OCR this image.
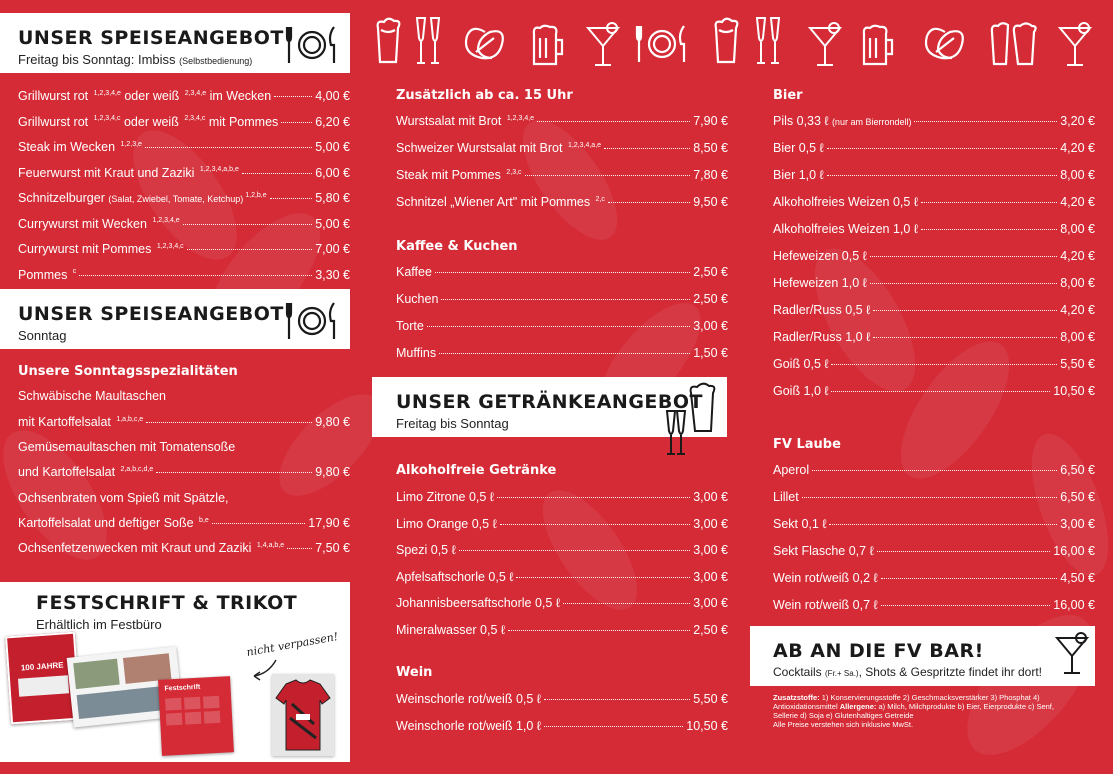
UNSER SPEISEANGEBOT
Freitag bis Sonntag: Imbiss (Selbstbedienung)
Grillwurst rot $^{1,2,3,4,e}$ oder weiß $^{2,3,4,e}$ im Wecken	4,00 €
Grillwurst rot $^{1,2,3,4,c}$ oder weiß $^{2,3,4,c}$ mit Pommes	6,20 €
Steak im Wecken $^{1,2,3,e}$	5,00 €
Feuerwurst mit Kraut und Zaziki $^{1,2,3,4,a,b,e}$	6,00 €
Schnitzelburger (Salat, Zwiebel, Tomate, Ketchup) $^{1,2,b,e}$	5,80 €
Currywurst mit Wecken $^{1,2,3,4,e}$	5,00 €
Currywurst mit Pommes $^{1,2,3,4,c}$	7,00 €
Pommes $^c$	3,30 €
UNSER SPEISEANGEBOT
Sonntag
Unsere Sonntagsspezialitäten
Schwäbische Maultaschen
mit Kartoffelsalat $^{1,a,b,c,e}$	9,80 €
Gemüsemaultaschen mit Tomatensoße
und Kartoffelsalat $^{2,a,b,c,d,e}$	9,80 €
Ochsenbraten vom Spieß mit Spätzle,
Kartoffelsalat und deftiger Soße $^{b,e}$	17,90 €
Ochsenfetzenwecken mit Kraut und Zaziki $^{1,4,a,b,e}$ 7,50 €
FESTSCHRIFT & TRIKOT
Erhältlich im Festbüro
100 JAHRE
Festschrift
nicht verpassen!
Zusätzlich ab ca. 15 Uhr
Wurstsalat mit Brot $^{1,2,3,4,e}$	7,90 €
Schweizer Wurstsalat mit Brot $^{1,2,3,4,a,e}$	8,50 €
Steak mit Pommes $^{2,3,c}$	7,80 €
Schnitzel „Wiener Art" mit Pommes $^{2,c}$	9,50 €
Kaffee & Kuchen
Kaffee	2,50 €
Kuchen	2,50 €
Torte	3,00 €
Muffins	1,50 €
UNSER GETRÄNKEANGEBOT
Freitag bis Sonntag
Alkoholfreie Getränke
Limo Zitrone 0,5 ℓ	3,00 €
Limo Orange 0,5 ℓ	3,00 €
Spezi 0,5 ℓ	3,00 €
Apfelsaftschorle 0,5 ℓ	3,00 €
Johannisbeersaftschorle 0,5 ℓ	3,00 €
Mineralwasser 0,5 ℓ	2,50 €
Wein
Weinschorle rot/weiß 0,5 ℓ	5,50 €
Weinschorle rot/weiß 1,0 ℓ	10,50 €
Bier
Pils 0,33 ℓ (nur am Bierrondell)	3,20 €
Bier 0,5 ℓ	4,20 €
Bier 1,0 ℓ	8,00 €
Alkoholfreies Weizen 0,5 ℓ	4,20 €
Alkoholfreies Weizen 1,0 ℓ	8,00 €
Hefeweizen 0,5 ℓ	4,20 €
Hefeweizen 1,0 ℓ	8,00 €
Radler/Russ 0,5 ℓ	4,20 €
Radler/Russ 1,0 ℓ	8,00 €
Goiß 0,5 ℓ	5,50 €
Goiß 1,0 ℓ	10,50 €
FV Laube
Aperol	6,50 €
Lillet	6,50 €
Sekt 0,1 ℓ	3,00 €
Sekt Flasche 0,7 ℓ	16,00 €
Wein rot/weiß 0,2 ℓ	4,50 €
Wein rot/weiß 0,7 ℓ	16,00 €
AB AN DIE FV BAR!
Cocktails (Fr.+ Sa.), Shots & Gespritzte findet ihr dort!
Zusatzstoffe: 1) Konservierungsstoffe 2) Geschmacksverstärker 3) Phosphat 4) Antioxidationsmittel Allergene: a) Milch, Milchprodukte b) Eier, Eierprodukte c) Senf, Sellerie d) Soja e) Glutenhaltiges Getreide
Alle Preise verstehen sich inklusive MwSt.
